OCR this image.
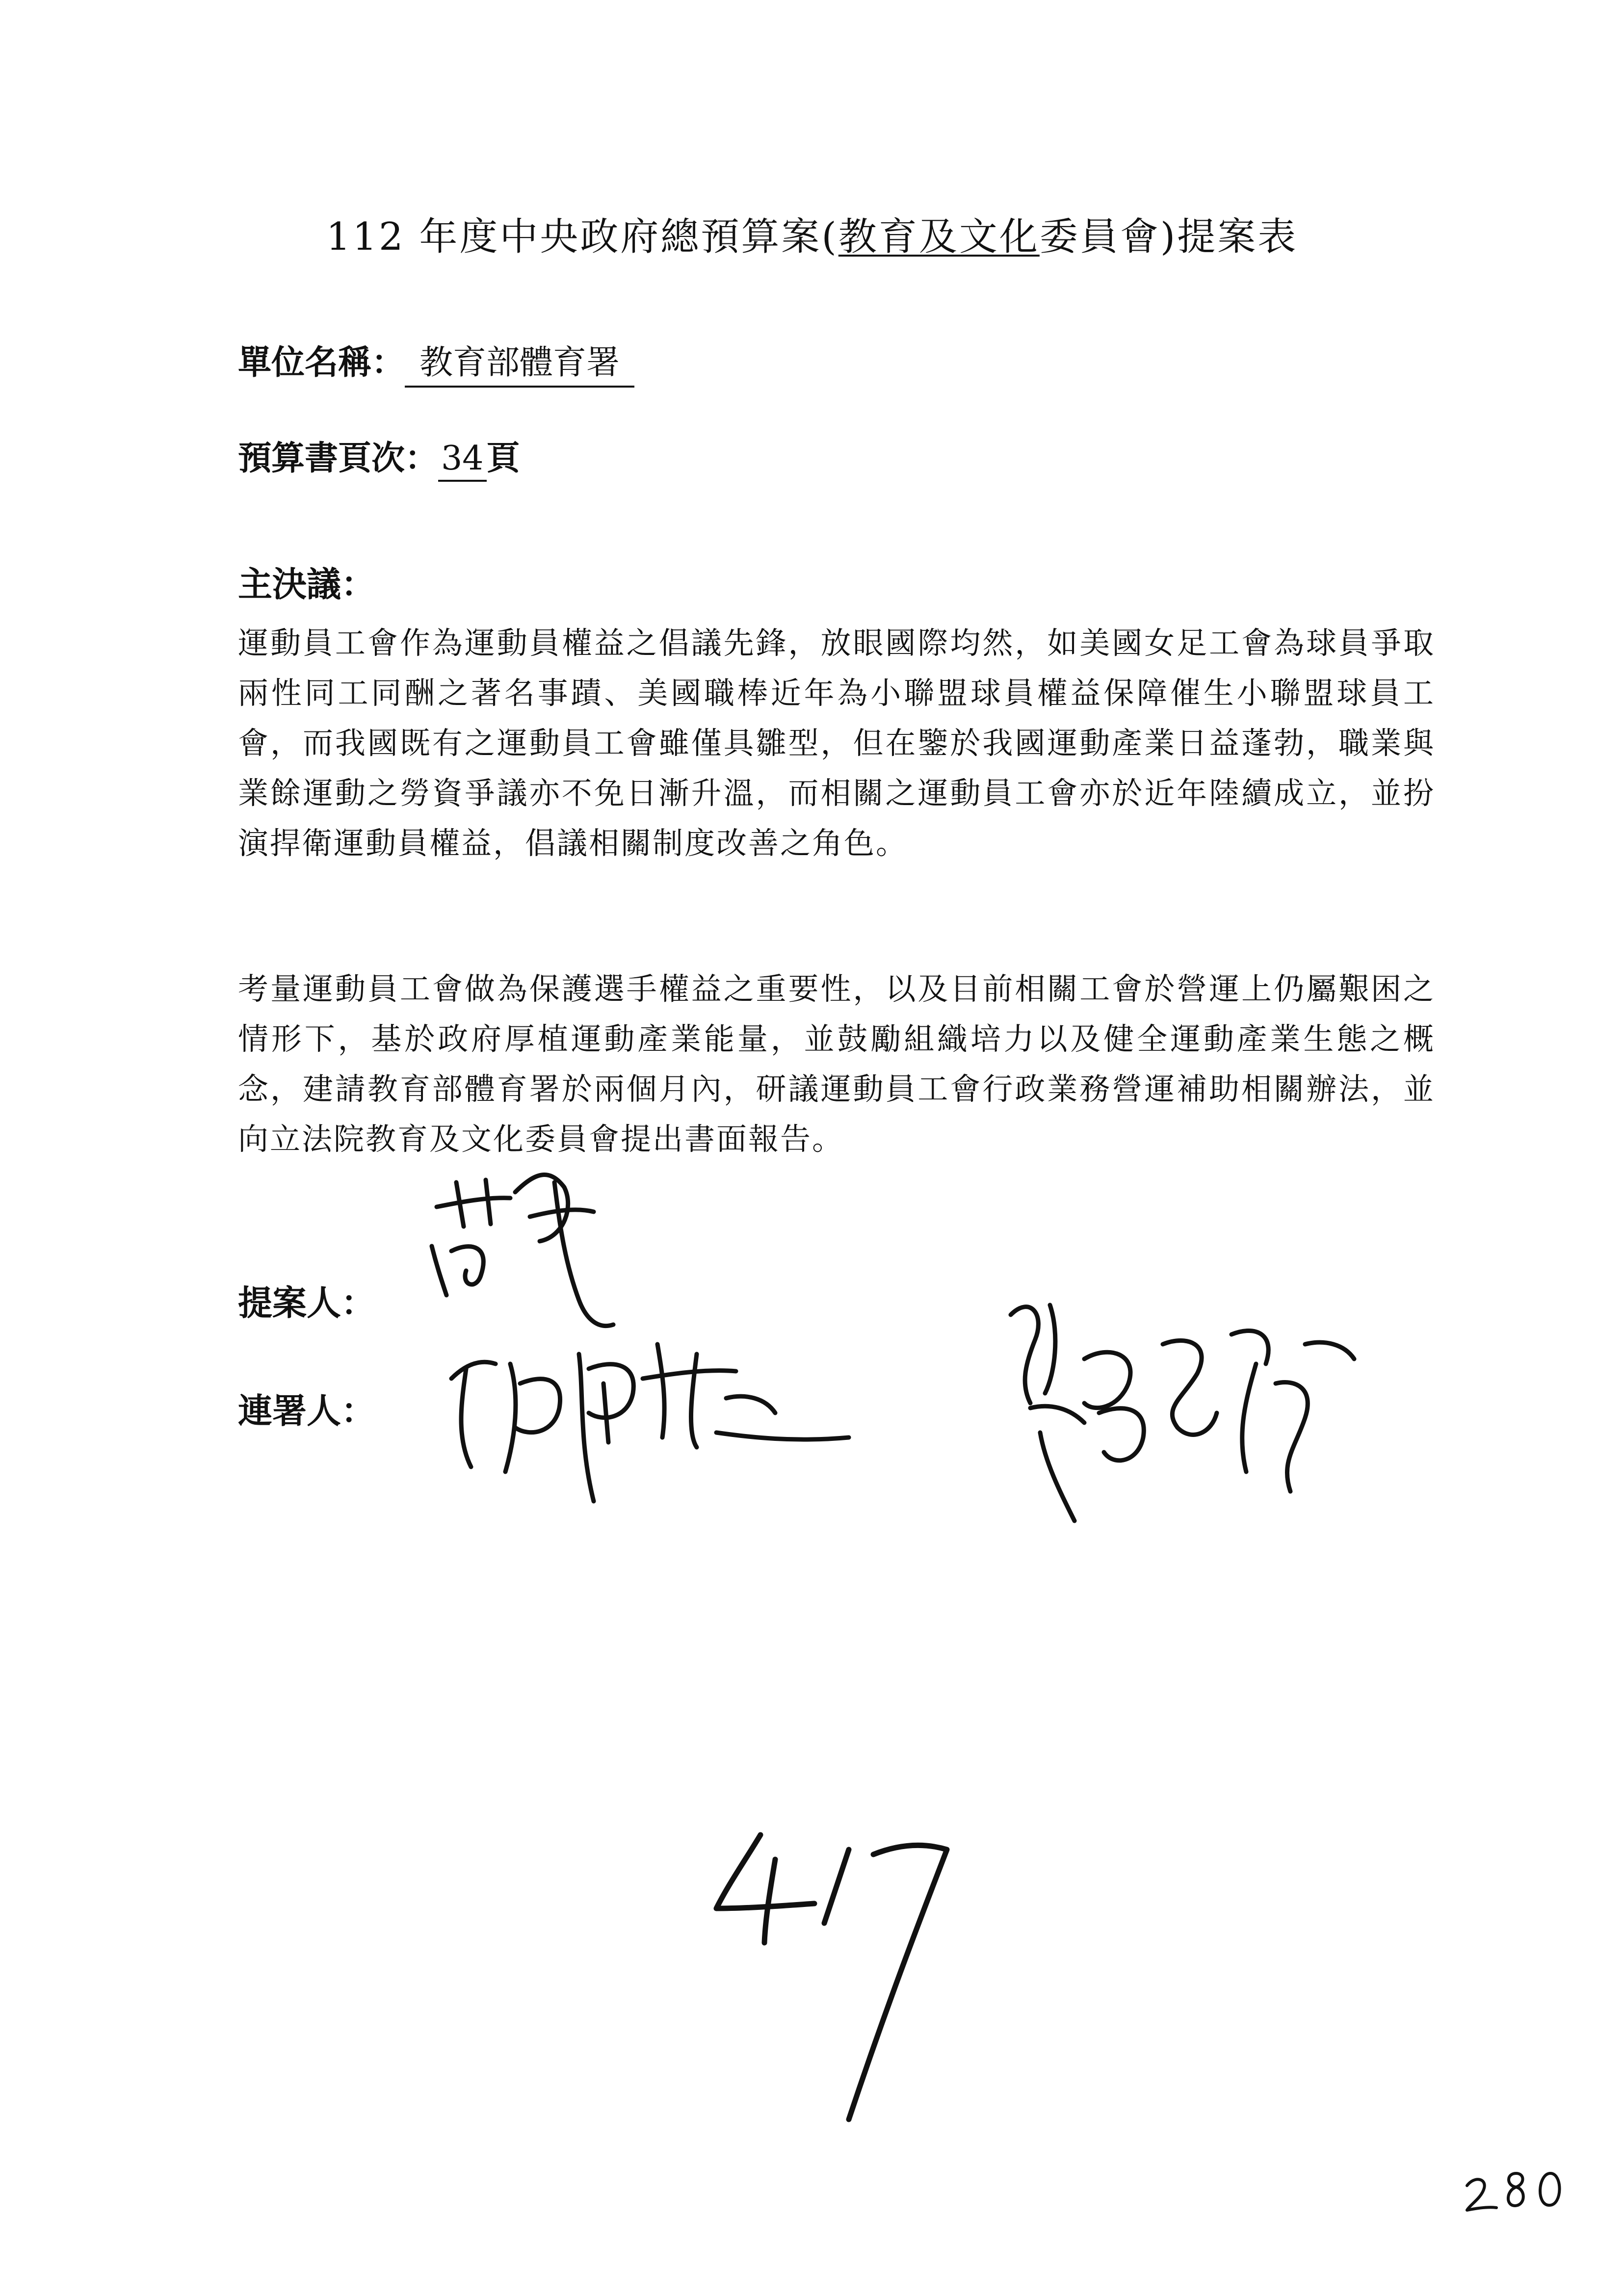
112 年度中央政府總預算案(教育及文化委員會)提案表
單位名稱： 教育部體育署
預算書頁次：34頁
主決議：
運動員工會作為運動員權益之倡議先鋒，放眼國際均然，如美國女足工會為球員爭取兩性同工同酬之著名事蹟、美國職棒近年為小聯盟球員權益保障催生小聯盟球員工會，而我國既有之運動員工會雖僅具雛型，但在鑒於我國運動產業日益蓬勃，職業與業餘運動之勞資爭議亦不免日漸升溫，而相關之運動員工會亦於近年陸續成立，並扮演捍衛運動員權益，倡議相關制度改善之角色。
考量運動員工會做為保護選手權益之重要性，以及目前相關工會於營運上仍屬艱困之情形下，基於政府厚植運動產業能量，並鼓勵組織培力以及健全運動產業生態之概念，建請教育部體育署於兩個月內，研議運動員工會行政業務營運補助相關辦法，並向立法院教育及文化委員會提出書面報告。
提案人：
連署人：
